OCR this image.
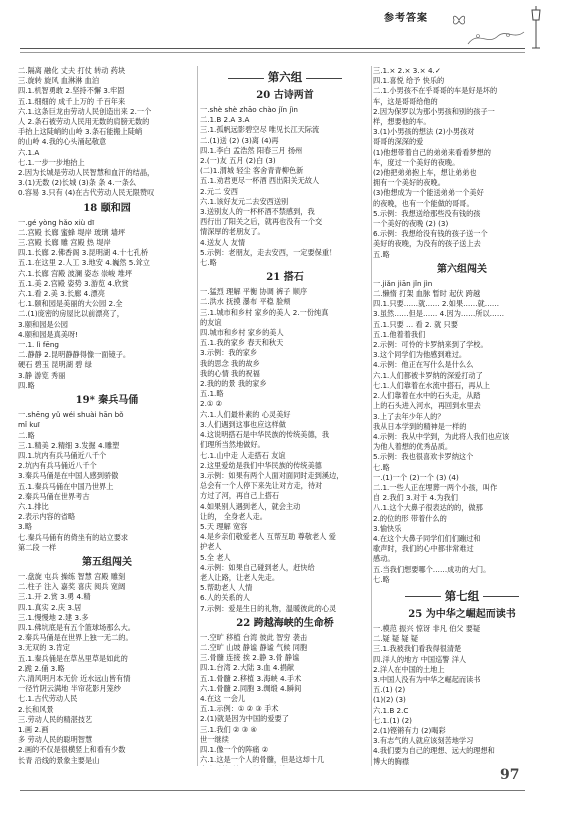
参考答案
二.隔离 融化 丈夫 打仗 转动 药块
三.旋转 旋风 血淋淋 血泊
四.1.机智勇敢 2.坚持不懈 3.牢固
五.1.细细的 成千上万的 千百年来
六.1.这条巨龙由劳动人民创造出来 2.一个
人 2.条石被劳动人民用无数的肩膀无数的
手抬上这陡峭的山岭 3.条石能搬上陡峭
的山岭 4.我的心头涌起敬意
六.1.A
七.1.一步一步地抬上
2.因为长城是劳动人民智慧和血汗的结晶，
3.(1)无数 (2)长城 (3)条 条 4.一条么
0.容易 3.只有 (4)在古代劳动人民无限赞叹
18 颐和园
一.gé yòng hǎo xiù dī
二.宫殿 长廊 蜜蜂 堤岸 玻璃 墙坪
三.宫殿 长廊 雕 宫殿 热 堤岸
四.1.长廊 2.佛香阁 3.昆明湖 4.十七孔桥
五.1.在这里 2.人工 3.地安 4.巍然 5.耸立
六.1.长廊 宫殿 波澜 姿态 崇峻 堆坪
五.1.美 2.宫殿 姿势 3.游览 4.欣赏
六.1.看 2.美 3.长廊 4.漂亮
七.1.颐和园是美丽的大公园 2.全
二.(1)庞密的房屋比以前漂亮了，
3.颐和园是公园
4.颐和园是真美呀!
一.1. lì fēng
二.静静 2.昆明静静得像一面镜子。
硬石 碧玉 昆明湖 碧 绿
3.静 游览 秀丽
四.略
19* 秦兵马俑
一.shēng yǔ wéi shuài hān bǒ
mǐ kuī
二.略
三.1.精美 2.精细 3.发掘 4.雕塑
四.1.坑内有兵马俑近八千个
2.坑内有兵马俑近八千个
3.秦兵马俑是在中国人感到骄傲
五.1.秦兵马俑在中国乃世界上
2.秦兵马俑在世界考古
六.1.排比
2.表示内容的省略
3.略
七.秦兵马俑有的倚坐有的站立要求
第二段 一样
第五组闯关
一.盘旋 屯兵 操练 智慧 宫殿 雕刻
二.柱子 注入 嘉奖 喜庆 阅兵 宽阔
三.1.开 2.赏 3.勇 4.精
四.1.真实 2.庆 3.居
三.1.慢慢地 2.建 3.多
四.1.佛坑底是有五个篮球场那么大。
2.秦兵马俑是在世界上独一无二的。
3.无双的 3.肯定
五.1.秦兵俑是在草丛里草是如此的
2.跪 2.俑 3.略
六.清风明月本无价 近水远山皆有情
一径竹阴云满地 半帘花影月笼纱
七.1.古代劳动人民
2.长和风景
三.劳动人民的精湛技艺
1.画 2.画
多 劳动人民的聪明智慧
2.画的不仅是很横竖上和看有少数
长青 沿线的景象主要是山
第六组
20 古诗两首
一.shè shè zhāo chào jǐn jìn
二.1.B 2.A 3.A
三.1.孤帆远影碧空尽 唯见长江天际流
二.(1)送 (2) (3)离 (4)再
四.1.李白 孟浩然 阳春三月 扬州
2.(一)友 五月 (2)白 (3)
(二)1.渭城 轻尘 客舍青青柳色新
五.1.劝君更尽一杯酒 西出阳关无故人
2.元二 安西
六.1.该好友元二去安西送别
3.送别友人的一杯杯酒不禁感到，我
西行出了阳关之后，就再也没有一个交
情深厚的老朋友了。
4.送友人 友情
5.示例：老朋友，走去安西，一定要保重！
七.略
21 搭石
一.猛烈 理解 平衡 协调 裤子 顺序
二.洪水 抚摸 瀑布 平稳 脸颊
三.1.城市和乡村 家乡的美人 2.一份纯真
的友谊
四.城市和乡村 家乡的美人
五.1.我的家乡 春天和秋天
3.示例：我的家乡
我的思念 我的故乡
我的心情 我的祝福
2.我的的景 我的家乡
五.1.略
2.① ②
六.1.人们最朴素的 心灵美好
3.人们遇到这事也应这样做
4.这说明搭石是中华民族的传统美德，我
们理所当然地做好。
七.1.山中走 人走搭石 友谊
2.这里爱幼是我们中华民族的传统美德
3.示例：如果有两个人面对面同时走到溪边，
总会有一个人停下来先让对方走，待对
方过了河，再自己上搭石
4.如果别人遇到老人，就会主动
让的， 全身老人走。
5.天 理解 宽容
4.是乡亲们敬爱老人 互帮互助 尊敬老人 爱
护老人
5.全 老人
4.示例：如果自己碰到老人，赶快给
老人让路，让老人先走。
5.帮助老人 人情
6.人的关系的人
7.示例：爱是生日的礼物，温暖彼此的心灵
22 跨越海峡的生命桥
一.空旷 移植 台湾 彼此 智穷 袭击
二.空旷 山坡 静谧 静谧 气候 同胞
三.骨髓 连接 挨 2.静 3.骨 静谧
四.1.台湾 2.大陆 3.血 4.捐献
五.1.骨髓 2.移植 3.海峡 4.手术
六.1.骨髓 2.同胞 3.绸缎 4.瞬间
4.在这 一会儿
五.1.示例：① ② ③ 手术
2.(1)就是因为中国的爱要了
三.1.我们 ② ③ ④
世一继续
四.1.像一个的阵痛 ②
六.1.这是一个人的骨髓，但是这却十几
三.1.× 2.× 3.× 4.✓
四.1.喜悦 给予 快乐的
二.1.小男孩不在乎哥哥的车是好是坏的
车，这是哥哥给他的
2.因为保罗以为那小男孩和别的孩子一
样，想要他的车。
3.(1)小男孩的想法 (2)小男孩对
哥哥的深深的爱
(1)他想带着自己的弟弟来看看梦想的
车，度过一个美好的夜晚。
(2)他把弟弟抱上车，想让弟弟也
拥有一个美好的夜晚。
(3)他想成为一个能送弟弟一个美好
的夜晚，也有一个能做的哥哥。
5.示例：我想送给那些没有钱的孩
一个美好的夜晚 (2) (3)
6.示例：我想给没有钱的孩子送一个
美好的夜晚，为没有的孩子送上去
五.略
第六组闯关
一.jiǎn jiān jǐn jìn
二.懒惰 打架 血脉 暂时 起伏 跨越
四.1.只要……就…… 2.如果……就……
3.虽然……但是…… 4.因为……所以……
五.1.只要 … 看 2. 就 只要
五.1.他着着我们
2.示例：可怜的卡罗纳来到了学校。
3.这个同学们为他感到难过。
4.示例：他正在写什么是什么么
六.1.人们都被卡罗纳的深爱打动了
七.1.人们靠着在水流中搭石，再从上
2.人们靠着在水中的石头走，从踏
上的石头进入河水，再回到水里去
3.上了去年少年人的？
我从日本学到的精神是一样的
4.示例：我从中学到，为此将人我们也应该
为他人着想的优秀品质。
5.示例：我也很喜欢卡罗纳这个
七.略
一.(1)一个 (2)一个 (3) (4)
二.1.一些人正在埋葬一两个小孩，叫作
自 2.我们 3.对于 4.为我们
八.1.这个大鼻子很表达的的，做那
2.的位的形 带着什么的
3.愉快乐
4.在这个大鼻子同学们们们蹦过和
歌声时，我们的心中都非常难过
感动。
五.当我们想要哪个……成功的大门。
七.略
第七组
25 为中华之崛起而读书
一.模范 振兴 惊讶 非凡 伯父 要疑
二.疑 疑 疑 疑
三.1.我被我们看我得很清楚
四.洋人的地方 中国巡警 洋人
2.洋人在中国的土地上
3.中国人没有为中华之崛起而读书
五.(1) (2)
(1)(2) (3)
六.1.B 2.C
七.1.(1) (2)
2.(1)铿锵有力 (2)喝彩
3.有志气的人就应该刻苦地学习
4.我们要为自己的理想、远大的理想和
博大的胸襟
97
